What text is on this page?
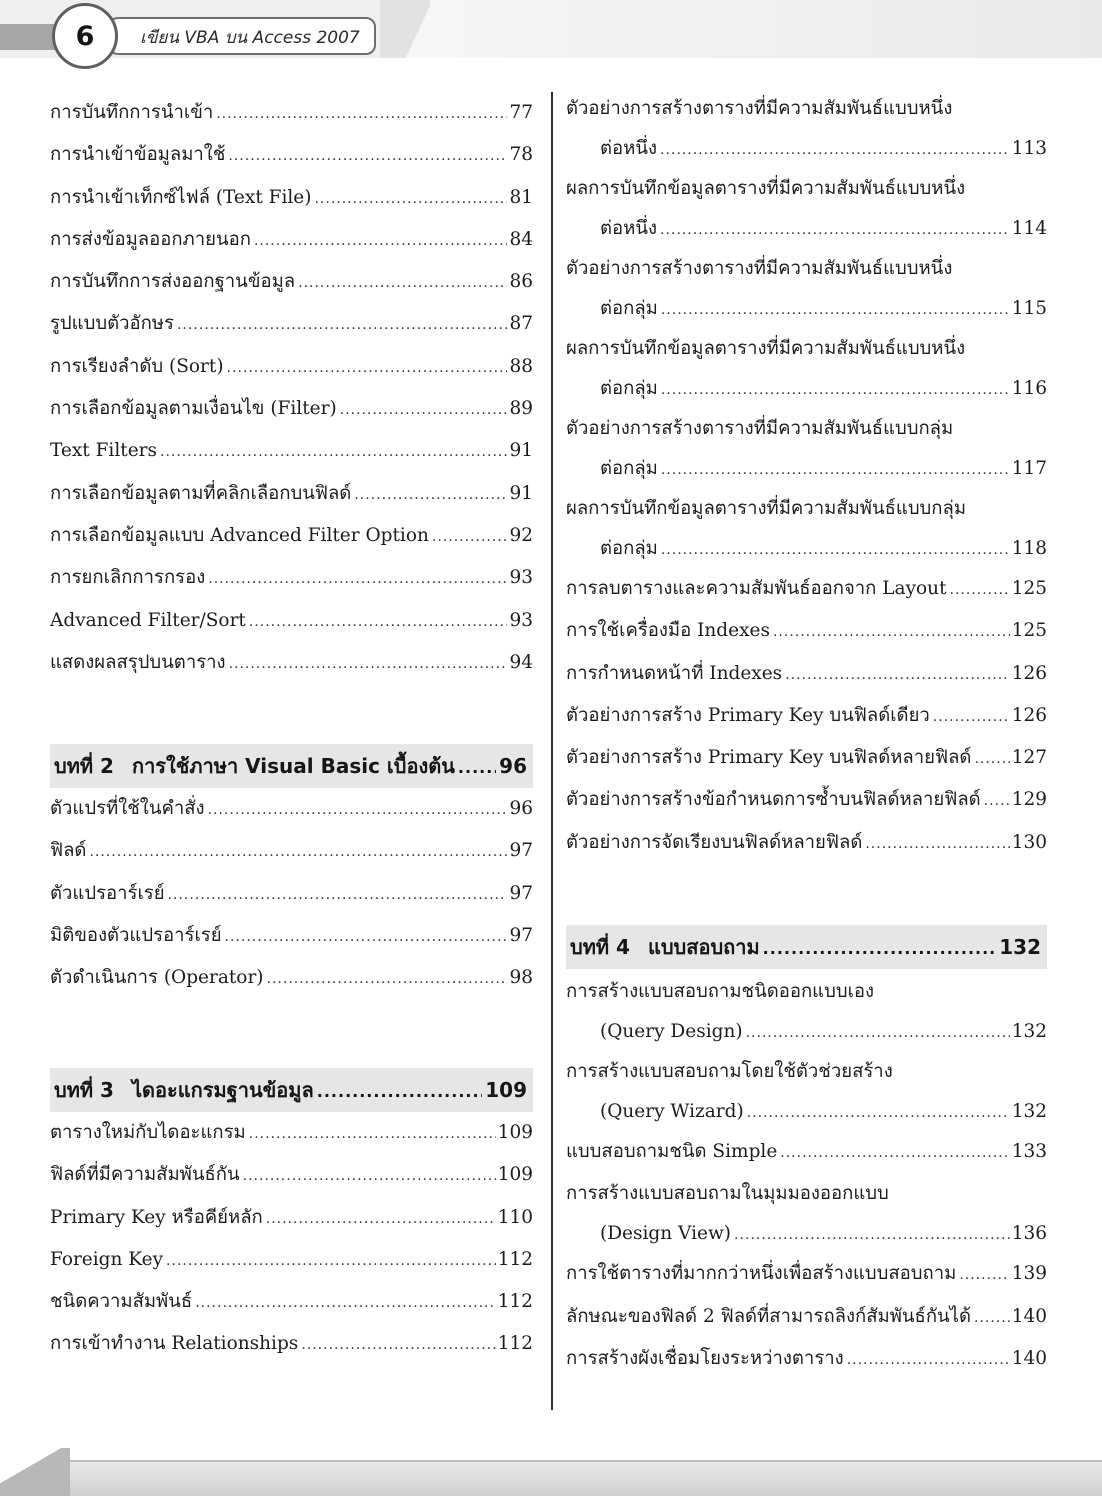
เขียน VBA บน Access 2007
6
การบันทึกการนำเข้า .....	77
การนำเข้าข้อมูลมาใช้ .....	78
การนำเข้าเท็กซ์ไฟล์ (Text File) .....	81
การส่งข้อมูลออกภายนอก .....	84
การบันทึกการส่งออกฐานข้อมูล .....	86
รูปแบบตัวอักษร .....	87
การเรียงลำดับ (Sort) .....	88
การเลือกข้อมูลตามเงื่อนไข (Filter) .....	89
Text Filters .....	91
การเลือกข้อมูลตามที่คลิกเลือกบนฟิลด์ .....	91
การเลือกข้อมูลแบบ Advanced Filter Option .....	92
การยกเลิกการกรอง .....	93
Advanced Filter/Sort .....	93
แสดงผลสรุปบนตาราง .....	94
บทที่ 2 การใช้ภาษา Visual Basic เบื้องต้น ..... 96
ตัวแปรที่ใช้ในคำสั่ง .....	96
ฟิลด์ .....	97
ตัวแปรอาร์เรย์ .....	97
มิติของตัวแปรอาร์เรย์ .....	97
ตัวดำเนินการ (Operator) .....	98
บทที่ 3 ไดอะแกรมฐานข้อมูล .....	109
ตารางใหม่กับไดอะแกรม .....	109
ฟิลด์ที่มีความสัมพันธ์กัน .....	109
Primary Key หรือคีย์หลัก .....	110
Foreign Key .....	112
ชนิดความสัมพันธ์ .....	112
การเข้าทำงาน Relationships .....	112
ตัวอย่างการสร้างตารางที่มีความสัมพันธ์แบบหนึ่ง
ต่อหนึ่ง .....	113
ผลการบันทึกข้อมูลตารางที่มีความสัมพันธ์แบบหนึ่ง
ต่อหนึ่ง .....	114
ตัวอย่างการสร้างตารางที่มีความสัมพันธ์แบบหนึ่ง
ต่อกลุ่ม .....	115
ผลการบันทึกข้อมูลตารางที่มีความสัมพันธ์แบบหนึ่ง
ต่อกลุ่ม .....	116
ตัวอย่างการสร้างตารางที่มีความสัมพันธ์แบบกลุ่ม
ต่อกลุ่ม .....	117
ผลการบันทึกข้อมูลตารางที่มีความสัมพันธ์แบบกลุ่ม
ต่อกลุ่ม .....	118
การลบตารางและความสัมพันธ์ออกจาก Layout .....	125
การใช้เครื่องมือ Indexes .....	125
การกำหนดหน้าที่ Indexes .....	126
ตัวอย่างการสร้าง Primary Key บนฟิลด์เดียว .....	126
ตัวอย่างการสร้าง Primary Key บนฟิลด์หลายฟิลด์ ..... 127
ตัวอย่างการสร้างข้อกำหนดการซ้ำบนฟิลด์หลายฟิลด์ ..... 129
ตัวอย่างการจัดเรียงบนฟิลด์หลายฟิลด์ .....	130
บทที่ 4 แบบสอบถาม .....	132
การสร้างแบบสอบถามชนิดออกแบบเอง
(Query Design) .....	132
การสร้างแบบสอบถามโดยใช้ตัวช่วยสร้าง
(Query Wizard) .....	132
แบบสอบถามชนิด Simple .....	133
การสร้างแบบสอบถามในมุมมองออกแบบ
(Design View) .....	136
การใช้ตารางที่มากกว่าหนึ่งเพื่อสร้างแบบสอบถาม .....	139
ลักษณะของฟิลด์ 2 ฟิลด์ที่สามารถลิงก์สัมพันธ์กันได้ ..... 140
การสร้างผังเชื่อมโยงระหว่างตาราง .....	140
